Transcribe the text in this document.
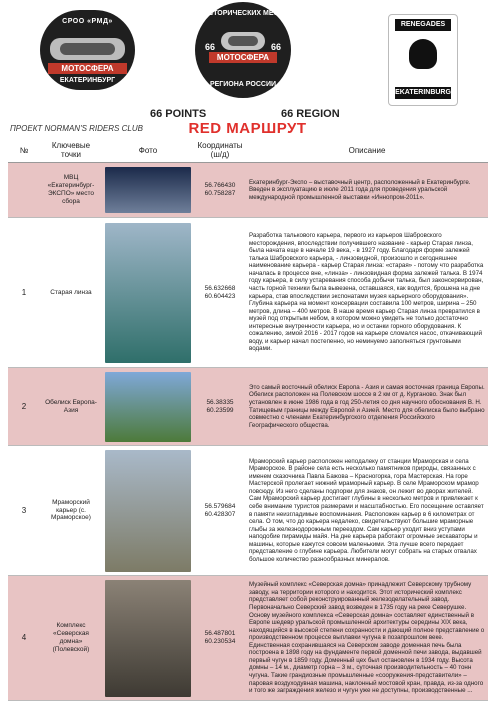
СРОО «РМД»
МОТОСФЕРА
ЕКАТЕРИНБУРГ
ИСТОРИЧЕСКИХ МЕСТ
66	66
МОТОСФЕРА
РЕГИОНА РОССИИ
RENEGADES
EKATERINBURG
66 POINTS	66 REGION
ПРОЕКТ NORMAN'S RIDERS CLUB	RED МАРШРУТ
№	Ключевые точки	Фото	Координаты (ш/д)	Описание
	МВЦ «Екатеринбург-ЭКСПО» место сбора		56.766430
60.758287	Екатеринбург-Экспо – выставочный центр, расположенный в Екатеринбурге. Введен в эксплуатацию в июле 2011 года для проведения уральской международной промышленной выставки «Иннопром-2011».
1	Старая линза		56.632668
60.604423	Разработка талькового карьера, первого из карьеров Шабровского месторождения, впоследствии получившего название - карьер Старая линза, была начата еще в начале 19 века, - в 1927 году. Благодаря форме залежей талька Шабровского карьера, - линзовидной, произошло и сегодняшнее наименование карьера - карьер Старая линза: «старая» - потому что разработка началась в процессе вне, «линза» - линзовидная форма залежей талька. В 1974 году карьера, в силу устаревания способа добычи талька, был законсервирован, часть горной техники была вывезена, оставшаяся, как водится, брошена на дне карьера, став впоследствии экспонатами музея карьерного оборудования». Глубина карьера на момент консервации составила 100 метров, ширина – 250 метров, длина – 400 метров. В наше время карьер Старая линза превратился в музей под открытым небом, в котором можно увидеть не только достаточно интересные внутренности карьера, но и останки горного оборудования. К сожалению, зимой 2016 - 2017 годов на карьере сломался насос, откачивающий воду, и карьер начал постепенно, но неминуемо заполняться грунтовыми водами.
2	Обелиск Европа-Азия		56.38335
60.23599	Это самый восточный обелиск Европа - Азия и самая восточная граница Европы. Обелиск расположен на Полевском шоссе в 2 км от д. Курганово. Знак был установлен в июне 1986 года в год 250-летия со дня научного обоснования В. Н. Татищевым границы между Европой и Азией. Место для обелиска было выбрано совместно с членами Екатеринбургского отделения Российского Географического общества.
3	Мраморский карьер (с. Мраморское)		56.579684
60.428307	Мраморский карьер расположен неподалеку от станции Мраморская и села Мраморское. В районе села есть несколько памятников природы, связанных с именем сказочника Павла Бажова – Красногорка, гора Мастерская. На горе Мастерской пролегает нижний мраморный карьер. В селе Мраморском мрамор повсюду. Из него сделаны подпорки для знаков, он лежит во дворах жителей. Сам Мраморский карьер достигает глубины в несколько метров и привлекает к себе внимание туристов размерами и масштабностью. Его посещение оставляет в памяти неизгладимые воспоминания. Расположен карьер в 6 километрах от села. О том, что до карьера недалеко, свидетельствуют большие мраморные глыбы за железнодорожным переездом. Сам карьер уходит вниз уступами наподобие пирамиды майя. На дне карьера работают огромные экскаваторы и машины, которые кажутся совсем маленькими. Эта лучше всего передает представление о глубине карьера. Любители могут собрать на старых отвалах большое количество разнообразных минералов.
4	Комплекс «Северская домна» (Полевской)		56.487801
60.230534	Музейный комплекс «Северская домна» принадлежит Северскому трубному заводу, на территории которого и находится. Этот исторический комплекс представляет собой реконструированный железоделательный завод. Первоначально Северский завод возведен в 1735 году на реке Северушке. Основу музейного комплекса «Северская домна» составляет единственный в Европе шедевр уральской промышленной архитектуры середины XIX века, находящийся в высокой степени сохранности и дающий полное представление о производственном процессе выплавки чугуна в позапрошлом веке. Единственная сохранившаяся на Северском заводе доменная печь была построена в 1898 году на фундаменте первой доменной печи завода, выдавшей первый чугун в 1859 году. Доменный цех был остановлен в 1934 году. Высота домны – 14 м., диаметр горна – 3 м., суточная производительность – 40 тонн чугуна. Такие грандиозные промышленные «сооружения-представители» – паровая воздуходувная машина, наклонный мостовой кран, правда, из-за одного и того же заграждения железо и чугун уже не доступны, производственные ...
